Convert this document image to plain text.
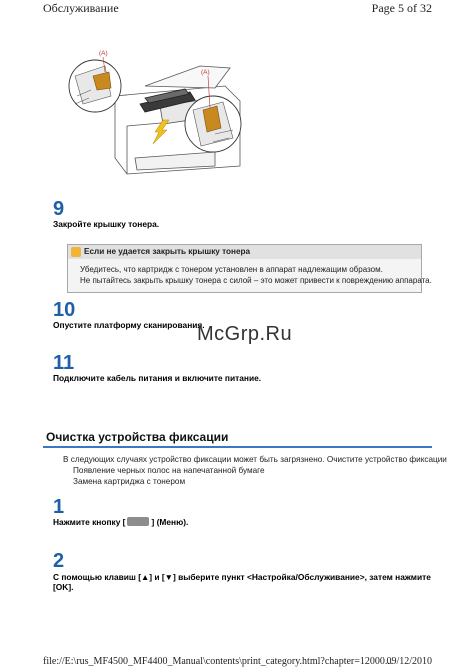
Обслуживание	Page 5 of 32
(A)
(A)
9
Закройте крышку тонера.
Если не удается закрыть крышку тонера
Убедитесь, что картридж с тонером установлен в аппарат надлежащим образом.
Не пытайтесь закрыть крышку тонера с силой – это может привести к повреждению аппарата.
10
Опустите платформу сканирования.
McGrp.Ru
11
Подключите кабель питания и включите питание.
Очистка устройства фиксации
В следующих случаях устройство фиксации может быть загрязнено. Очистите устройство фиксации
Появление черных полос на напечатанной бумаге
Замена картриджа с тонером
1
Нажмите кнопку [	] (Меню).
2
С помощью клавиш [▲] и [▼] выберите пункт <Настройка/Обслуживание>, затем нажмите
[OK].
file://E:\rus_MF4500_MF4400_Manual\contents\print_category.html?chapter=12000...
09/12/2010
